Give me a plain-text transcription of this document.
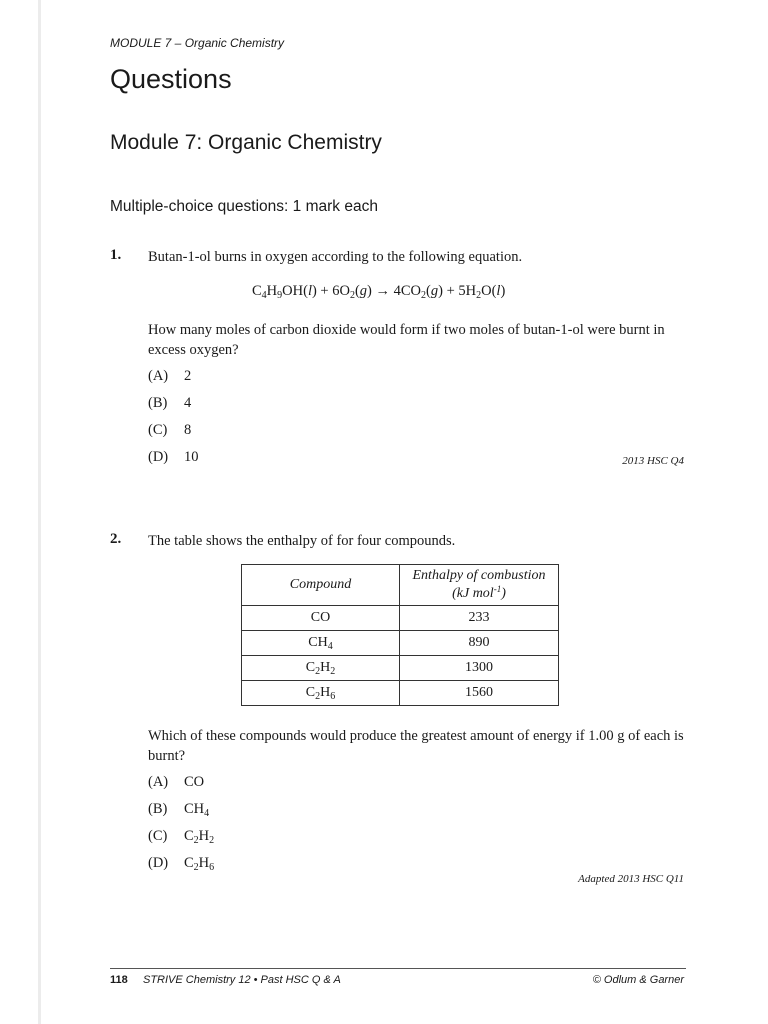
MODULE 7 – Organic Chemistry
Questions
Module 7: Organic Chemistry
Multiple-choice questions: 1 mark each
1. Butan-1-ol burns in oxygen according to the following equation.
$C_4H_9OH(l) + 6O_2(g) \to 4CO_2(g) + 5H_2O(l)$
How many moles of carbon dioxide would form if two moles of butan-1-ol were burnt in excess oxygen?
(A) 2
(B) 4
(C) 8
(D) 10	2013 HSC Q4
2. The table shows the enthalpy of for four compounds.
Compound	Enthalpy of combustion
(kJ mol$^{-1}$)
CO	233
$CH_4$	890
$C_2H_2$	1300
$C_2H_6$	1560
Which of these compounds would produce the greatest amount of energy if 1.00 g of each is burnt?
(A) CO
(B) $CH_4$
(C) $C_2H_2$
(D) $C_2H_6$
Adapted 2013 HSC Q11
118 STRIVE Chemistry 12 • Past HSC Q & A	© Odlum & Garner
